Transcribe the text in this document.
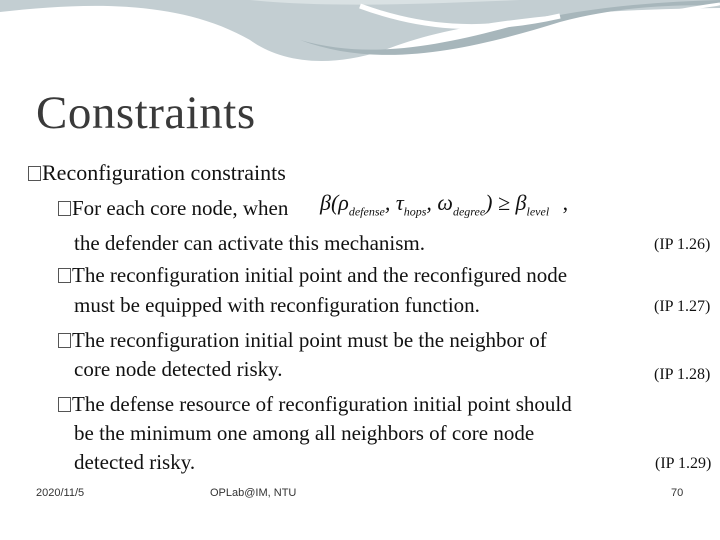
Constraints
Reconfiguration constraints
For each core node, when $\beta(\rho_{defense}$, $\tau_{hops}$, $\omega_{degree}) \ge \beta_{level}$ ,
the defender can activate this mechanism.	(IP 1.26)
The reconfiguration initial point and the reconfigured node
must be equipped with reconfiguration function.	(IP 1.27)
The reconfiguration initial point must be the neighbor of
core node detected risky.	(IP 1.28)
The defense resource of reconfiguration initial point should
be the minimum one among all neighbors of core node
detected risky.	(IP 1.29)
2020/11/5	OPLab@IM, NTU	70
